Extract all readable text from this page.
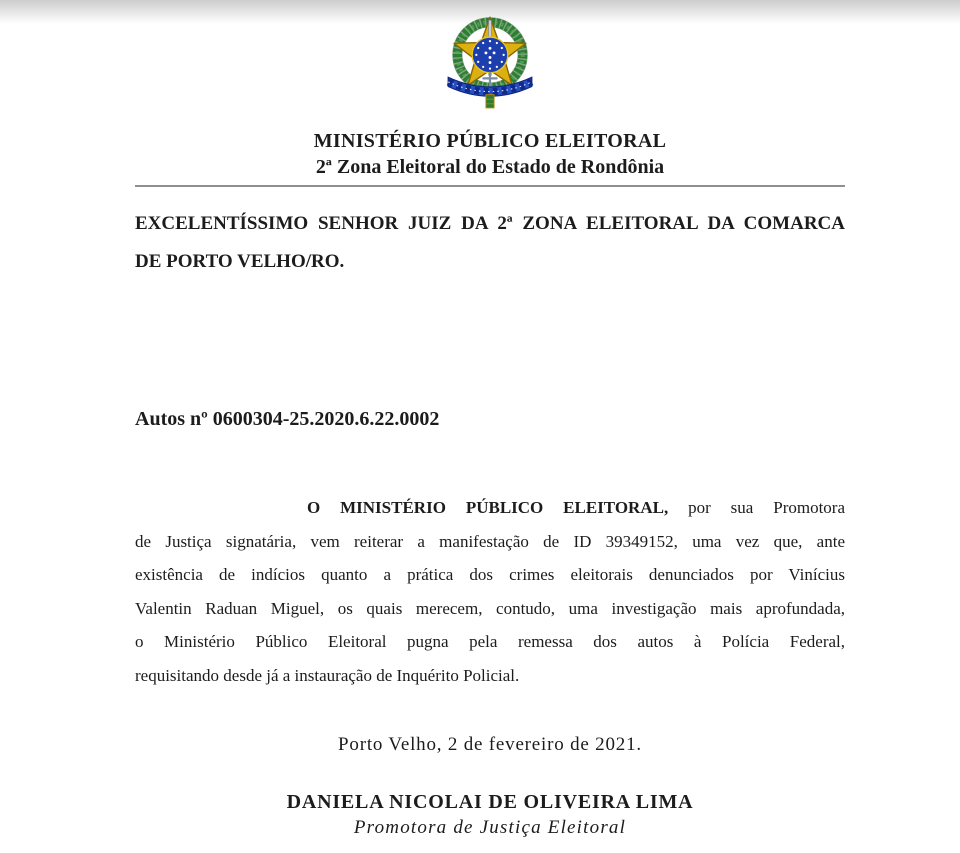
MINISTÉRIO PÚBLICO ELEITORAL
2ª Zona Eleitoral do Estado de Rondônia
EXCELENTÍSSIMO SENHOR JUIZ DA 2ª ZONA ELEITORAL DA COMARCA
DE PORTO VELHO/RO.
Autos nº 0600304-25.2020.6.22.0002
O MINISTÉRIO PÚBLICO ELEITORAL, por sua Promotora
de Justiça signatária, vem reiterar a manifestação de ID 39349152, uma vez que, ante
existência de indícios quanto a prática dos crimes eleitorais denunciados por Vinícius
Valentin Raduan Miguel, os quais merecem, contudo, uma investigação mais aprofundada,
o Ministério Público Eleitoral pugna pela remessa dos autos à Polícia Federal,
requisitando desde já a instauração de Inquérito Policial.
Porto Velho, 2 de fevereiro de 2021.
DANIELA NICOLAI DE OLIVEIRA LIMA
Promotora de Justiça Eleitoral
